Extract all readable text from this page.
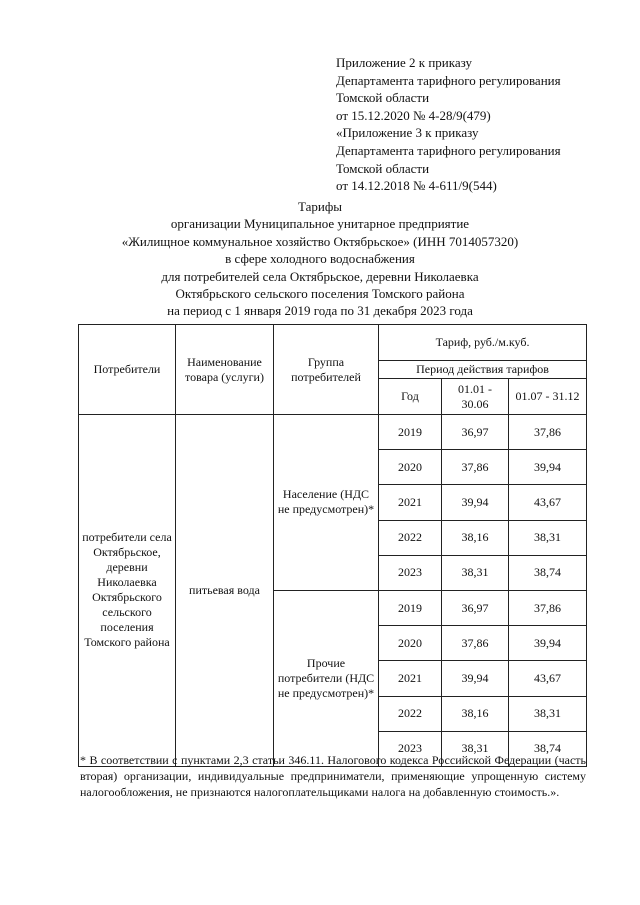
Приложение 2 к приказу
Департамента тарифного регулирования
Томской области
от 15.12.2020 № 4-28/9(479)
«Приложение 3 к приказу
Департамента тарифного регулирования
Томской области
от 14.12.2018 № 4-611/9(544)
Тарифы
организации Муниципальное унитарное предприятие
«Жилищное коммунальное хозяйство Октябрьское» (ИНН 7014057320)
в сфере холодного водоснабжения
для потребителей села Октябрьское, деревни Николаевка
Октябрьского сельского поселения Томского района
на период с 1 января 2019 года по 31 декабря 2023 года
Потребители	Наименование товара (услуги)	Группа потребителей	Тариф, руб./м.куб.		
			Период действия тарифов		
			Год	01.01 - 30.06	01.07 - 31.12
потребители села Октябрьское, деревни Николаевка Октябрьского сельского поселения Томского района	питьевая вода	Население (НДС не предусмотрен)*	2019	36,97	37,86
			2020	37,86	39,94
			2021	39,94	43,67
			2022	38,16	38,31
			2023	38,31	38,74
		Прочие потребители (НДС не предусмотрен)*	2019	36,97	37,86
			2020	37,86	39,94
			2021	39,94	43,67
			2022	38,16	38,31
			2023	38,31	38,74
* В соответствии с пунктами 2,3 статьи 346.11. Налогового кодекса Российской Федерации (часть вторая) организации, индивидуальные предприниматели, применяющие упрощенную систему налогообложения, не признаются налогоплательщиками налога на добавленную стоимость.».
